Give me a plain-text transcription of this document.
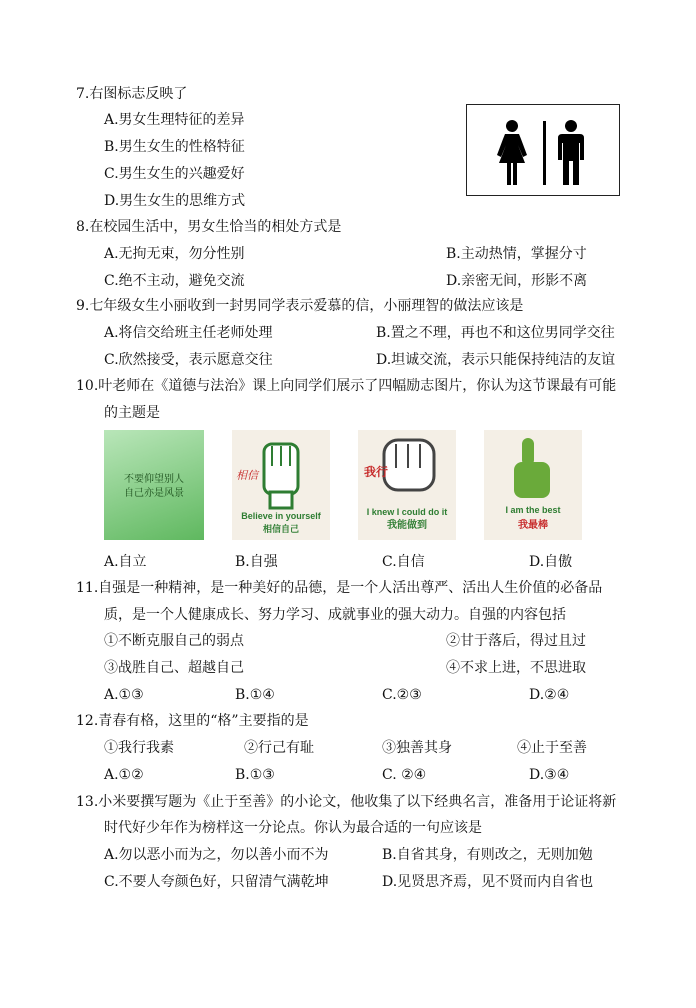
7.右图标志反映了
A.男女生理特征的差异
B.男生女生的性格特征
C.男生女生的兴趣爱好
D.男生女生的思维方式
8.在校园生活中，男女生恰当的相处方式是
A.无拘无束，勿分性别	B.主动热情，掌握分寸
C.绝不主动，避免交流	D.亲密无间，形影不离
9.七年级女生小丽收到一封男同学表示爱慕的信，小丽理智的做法应该是
A.将信交给班主任老师处理	B.置之不理，再也不和这位男同学交往
C.欣然接受，表示愿意交往	D.坦诚交流，表示只能保持纯洁的友谊
10.叶老师在《道德与法治》课上向同学们展示了四幅励志图片，你认为这节课最有可能
的主题是
不要仰望别人
自己亦是风景
相信
Believe in yourself
相信自己
我行
I knew I could do it
我能做到
I am the best
我最棒
A.自立	B.自强	C.自信	D.自傲
11.自强是一种精神，是一种美好的品德，是一个人活出尊严、活出人生价值的必备品
质，是一个人健康成长、努力学习、成就事业的强大动力。自强的内容包括
①不断克服自己的弱点	②甘于落后，得过且过
③战胜自己、超越自己	④不求上进，不思进取
A.①③	B.①④	C.②③	D.②④
12.青春有格，这里的“格”主要指的是
①我行我素	②行己有耻	③独善其身	④止于至善
A.①②	B.①③	C. ②④	D.③④
13.小米要撰写题为《止于至善》的小论文，他收集了以下经典名言，准备用于论证将新
时代好少年作为榜样这一分论点。你认为最合适的一句应该是
A.勿以恶小而为之，勿以善小而不为	B.自省其身，有则改之，无则加勉
C.不要人夸颜色好，只留清气满乾坤	D.见贤思齐焉，见不贤而内自省也
